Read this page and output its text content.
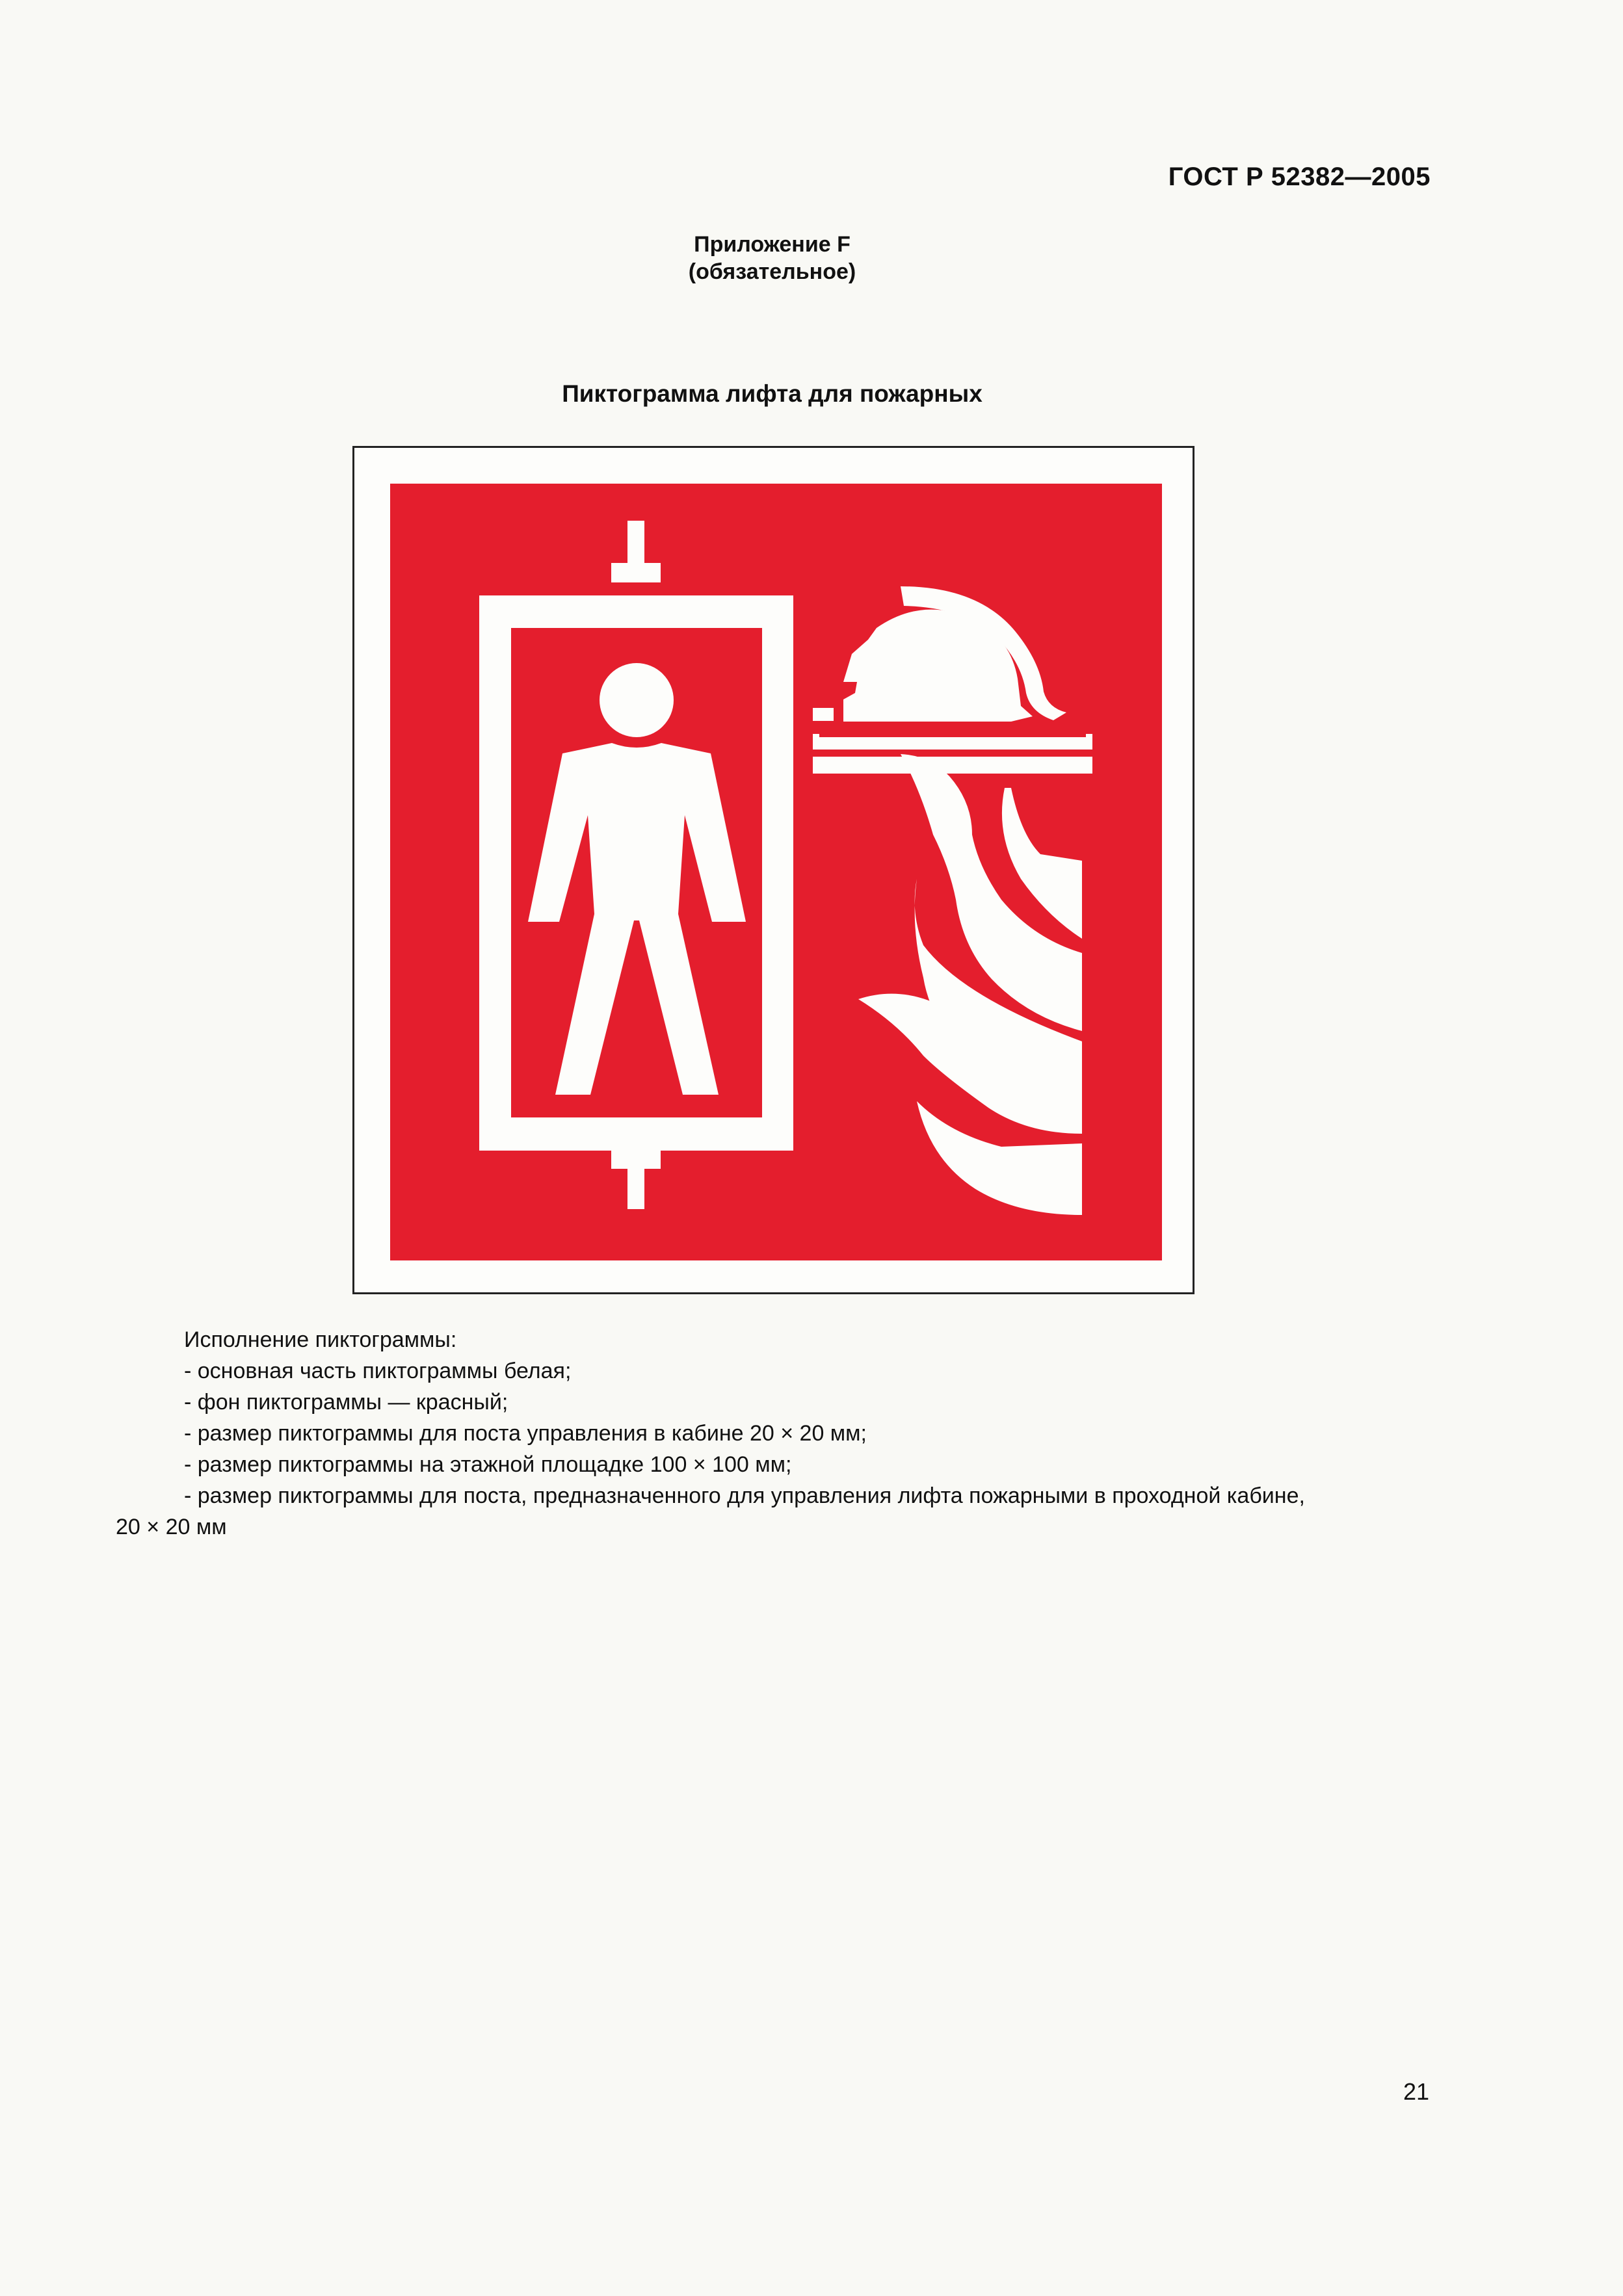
ГОСТ Р 52382—2005
Приложение F
(обязательное)
Пиктограмма лифта для пожарных
Исполнение пиктограммы:
- основная часть пиктограммы белая;
- фон пиктограммы — красный;
- размер пиктограммы для поста управления в кабине 20 × 20 мм;
- размер пиктограммы на этажной площадке 100 × 100 мм;
- размер пиктограммы для поста, предназначенного для управления лифта пожарными в проходной кабине,
20 × 20 мм
21
